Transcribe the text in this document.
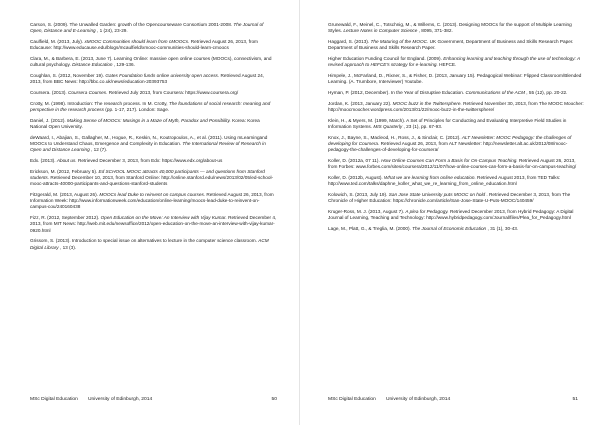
Carson, S. (2009). The Unwalled Garden: growth of the Opencourseware Consortium 2001-2008. The Journal of Open, Distance and E-Learning , 1 (24), 23-29.
Caulfield, M. (2013, July). xMOOC Communities should learn from cMOOCs. Retrieved August 26, 2013, from Educause: http://www.educause.edu/blogs/mcaulfield/xmooc-communities-should-learn-cmoocs
Clara, M., & Barbera, E. (2013, June 7). Learning Online: massive open online courses (MOOCs), connectivism, and cultural psychology. Distance Education , 129-136.
Coughlan, S. (2012, November 19). Gates Foundation funds online university open access. Retrieved August 24, 2013, from BBC News: http://bbc.co.uk/news/education-20393753
Coursera. (2013). Coursera Courses. Retrieved July 2013, from Coursera: https://www.coursera.org/
Crotty, M. (1998). Introduction: The research process. In M. Crotty, The foundations of social research: meaning and perspective in the research process (pp. 1-17, 217). London: Sage.
Daniel, J. (2012). Making Sense of MOOCs: Musings in a Maze of Myth, Paradox and Possibility. Korea: Korea National Open University.
deWaard, I., Abajian, S., Gallagher, M., Hogue, R., Keskin, N., Koutropoulos, A., et al. (2011). Using mLearningand MOOCs to Understand Chaos, Emergence and Complexity in Education. The International Review of Research in Open and Distance Learning , 12 (7).
Edx. (2013). About us. Retrieved December 3, 2013, from Edx: https://www.edx.org/about-us
Erickson, M. (2012, February 5). Ed SCHOOL MOOC attracts 40,000 participants — and questions from Stanford students. Retrieved December 10, 2013, from Stanford Online: http://online.stanford.edu/news/2013/02/05/ed-school-mooc-attracts-40000-participants-and-questions-stanford-students
Fitzgerald, M. (2013, August 26). MOOCs lead Duke to reinvent on campus courses. Retrieved August 26, 2013, from Information Week: http://www.informationweek.com/education/online-learning/moocs-lead-duke-to-reinvent-on-campus-cou/240160438
Fizz, R. (2012, September 2012). Open Education on the Move: An Interview with Vijay Kumar. Retrieved December 4, 2013, from MIT News: http://web.mit.edu/newsoffice/2012/open-education-on-the-move-an-interview-with-vijay-kumar-0920.html
Grissom, S. (2013). Introduction to special issue on alternatives to lecture in the computer science classroom. ACM Digital Library , 13 (3).
MSc Digital Education	University of Edinburgh, 2014	50
Grunewald, F., Meinel, C., Totschnig, M., & Willems, C. (2013). Designing MOOCs for the support of Multiple Learning Styles. Lecture Notes in Computer Science , 8095, 371-382.
Haggard, S. (2013). The Maturing of the MOOC. UK Government, Department of Business and Skills Research Paper. Department of Business and Skills Research Paper.
Higher Education Funding Council for England. (2009). Enhancing learning and teaching through the use of technology: A revised approach to HEFCE's strategy for e-learning. HEFCE.
Himpele, J., McFarland, D., Rixner, S., & Fisher, D. (2013, January 15). Pedagogical Webinar: Flipped Classroom/Blended Learning. (A. Trumbore, Interviewer) Youtube.
Hyman, P. (2012, December). In the Year of Disruptive Education. Communications of the ACM , 55 (12), pp. 20-22.
Jordan, K. (2013, January 22). MOOC buzz in the Twittersphere. Retrieved November 30, 2013, from The MOOC Moocher: http://moocmoocher.wordpress.com/2013/01/22/mooc-buzz-in-the-twittersphere/
Klein, H., & Myers, M. (1999, March). A Set of Principles for Conducting and Evaluating Interpretive Field Studies in Information Systems. MIS Quarterly , 23 (1), pp. 67-93.
Knox, J., Bayne, S., Macleod, H., Ross, J., & Sinclair, C. (2012). ALT Newsletter: MOOC Pedagogy: the challenges of developing for Coursera. Retrieved August 26, 2013, from ALT Newsletter: http://newsletter.alt.ac.uk/2012/08/mooc-pedagogy-the-challenges-of-developing-for-coursera/
Koller, D. (2012a, 07 11). How Online Courses Can Form a Basis for On-Campus Teaching. Retrieved August 26, 2013, from Forbes: www.forbes.com/sites/coursera/2012/11/07/how-online-courses-can-form-a-basis-for-on-campus-teaching/
Koller, D. (2012b, August). What we are learning from online education. Retrieved August 2013, from TED Talks: http://www.ted.com/talks/daphne_koller_what_we_re_learning_from_online_education.html
Kolowich, S. (2013, July 19). San Jose State University puts MOOC on hold . Retrieved December 3, 2013, from The Chronicle of Higher Education: https://chronicle.com/article/San-Jose-State-U-Puts-MOOC/140459/
Kruger-Ross, M. J. (2013, August 7). A plea for Pedagogy. Retrieved December 2013, from Hybrid Pedagogy: A Digital Journal of Learning, Teaching and Technology: http://www.hybridpedagogy.com/Journal/files/Plea_for_Pedagogy.html
Lage, M., Platt, G., & Treglia, M. (2000). The Journal of Economic Education , 31 (1), 30-43.
MSc Digital Education	University of Edinburgh, 2014	51
